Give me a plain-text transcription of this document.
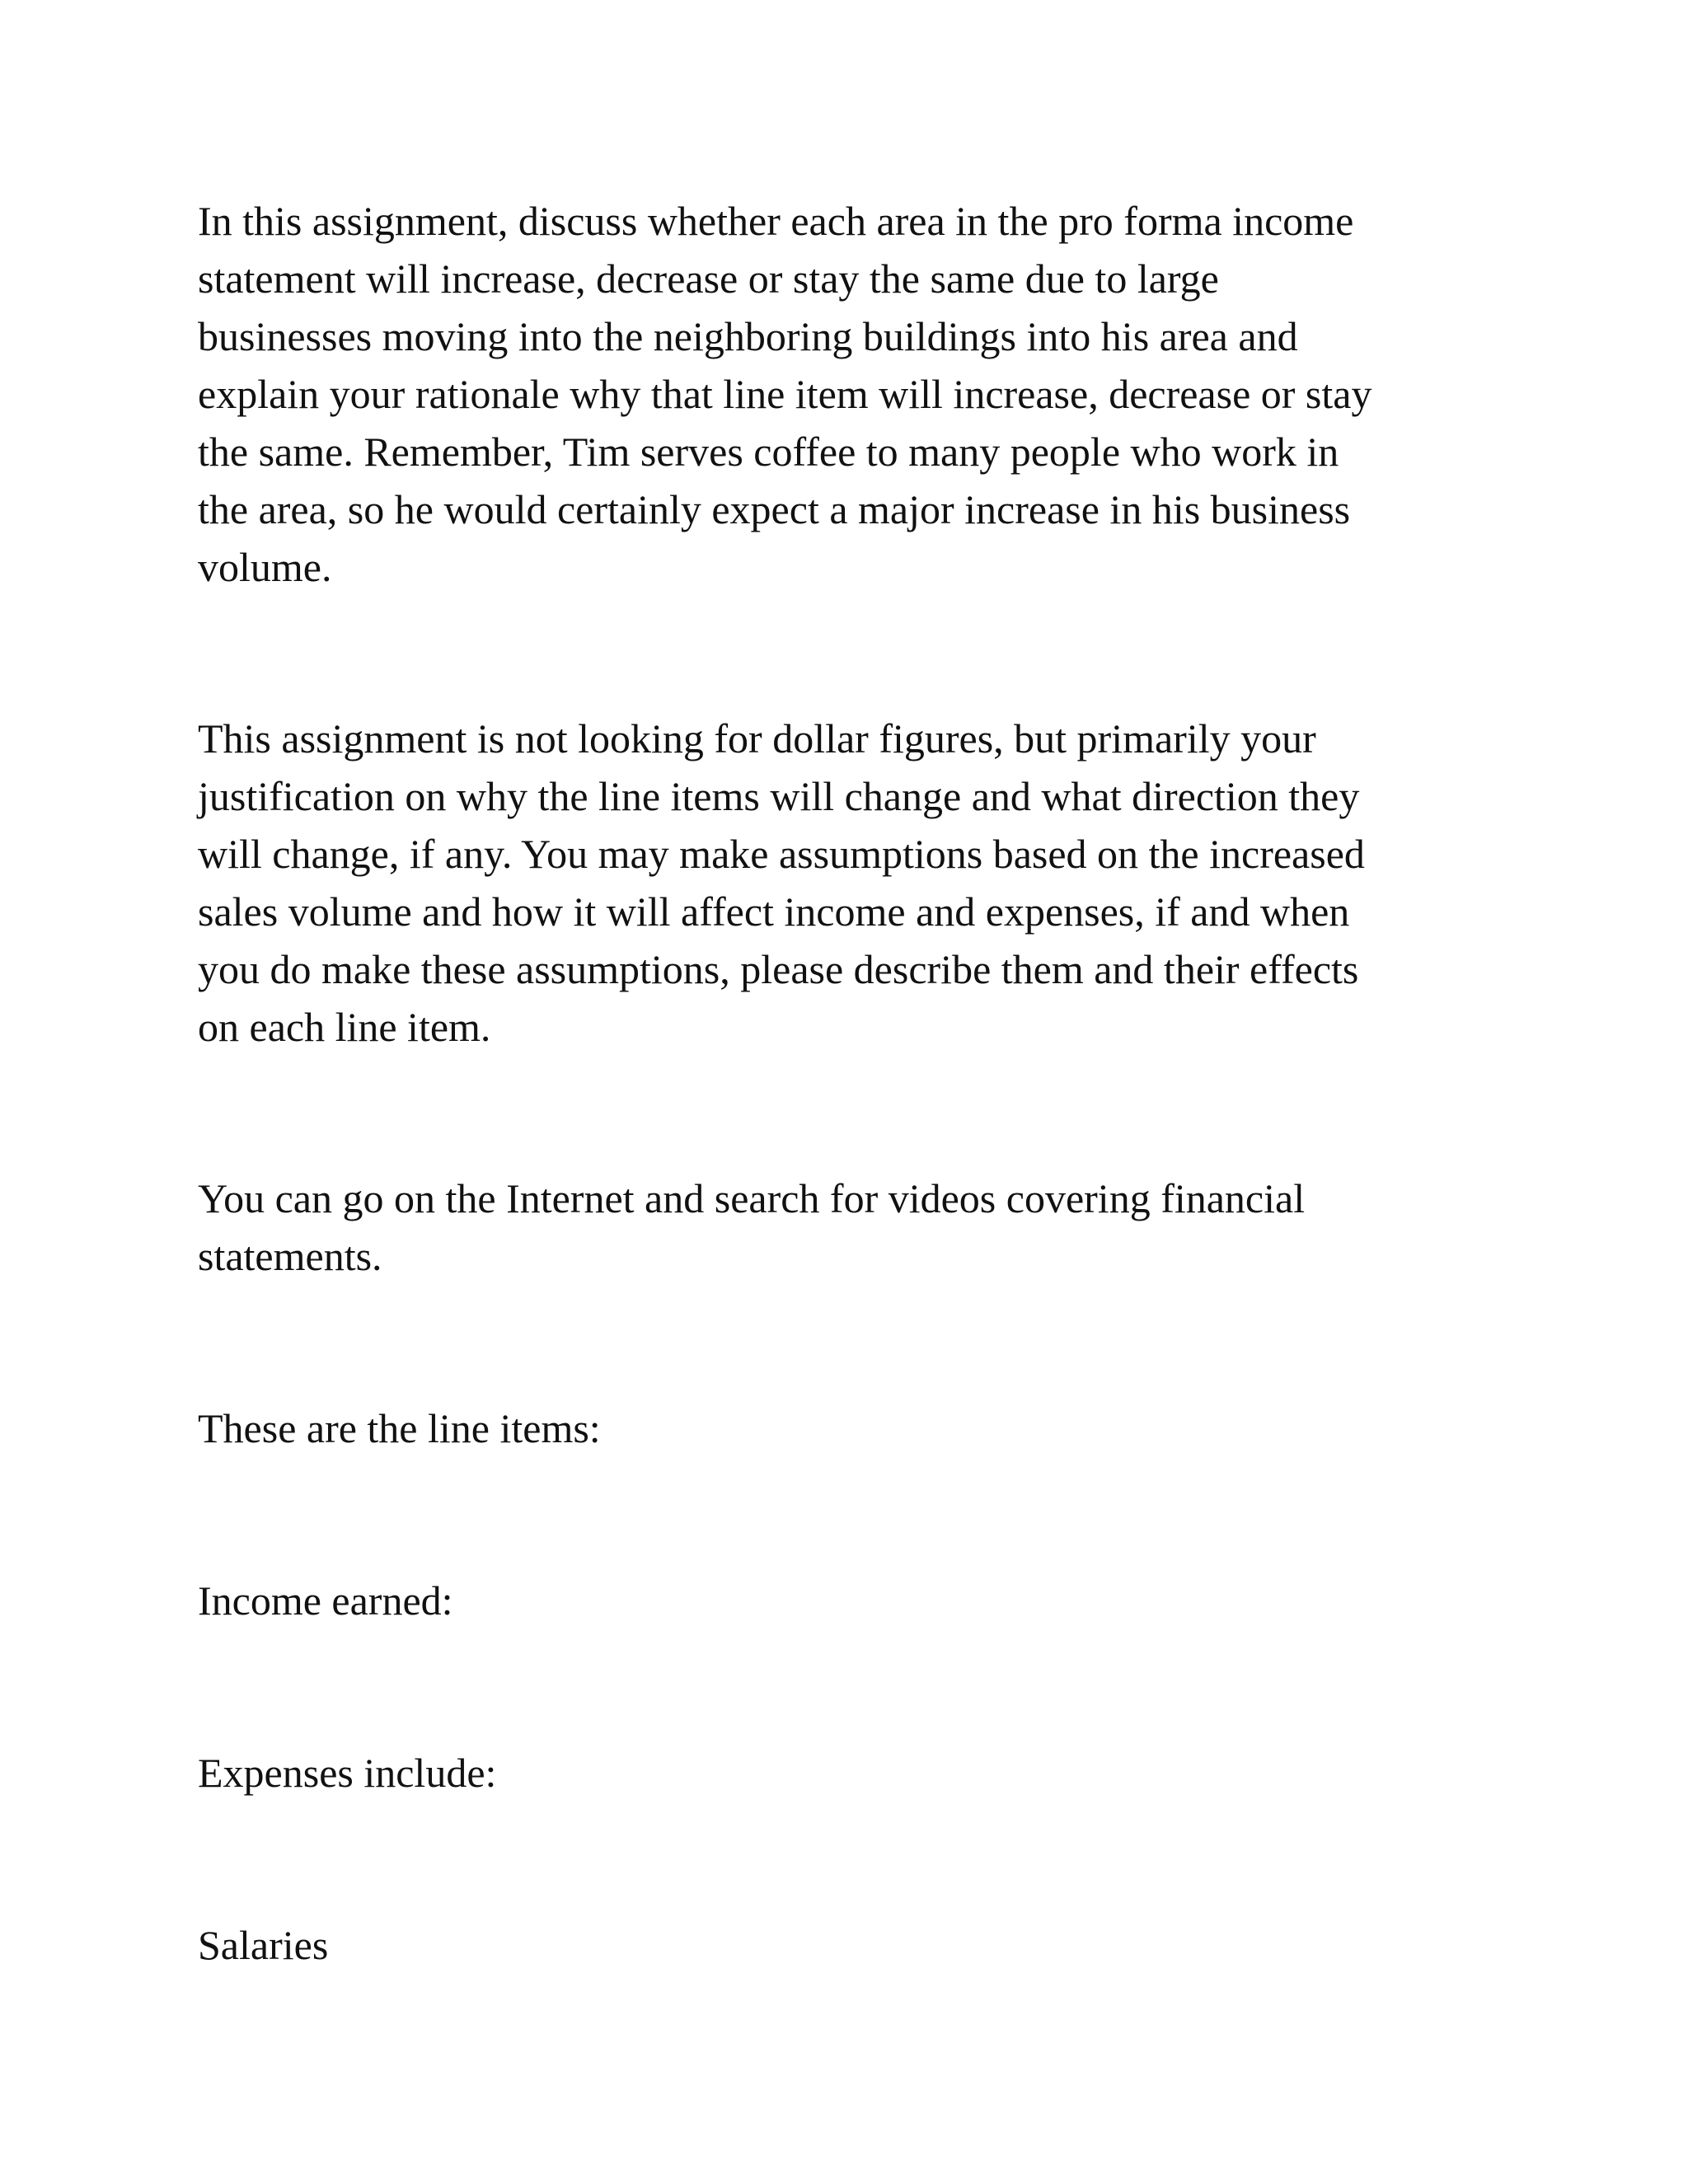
In this assignment, discuss whether each area in the pro forma income
statement will increase, decrease or stay the same due to large
businesses moving into the neighboring buildings into his area and
explain your rationale why that line item will increase, decrease or stay
the same. Remember, Tim serves coffee to many people who work in
the area, so he would certainly expect a major increase in his business
volume.

This assignment is not looking for dollar figures, but primarily your
justification on why the line items will change and what direction they
will change, if any. You may make assumptions based on the increased
sales volume and how it will affect income and expenses, if and when
you do make these assumptions, please describe them and their effects
on each line item.

You can go on the Internet and search for videos covering financial
statements.

These are the line items:

Income earned:

Expenses include:

Salaries
